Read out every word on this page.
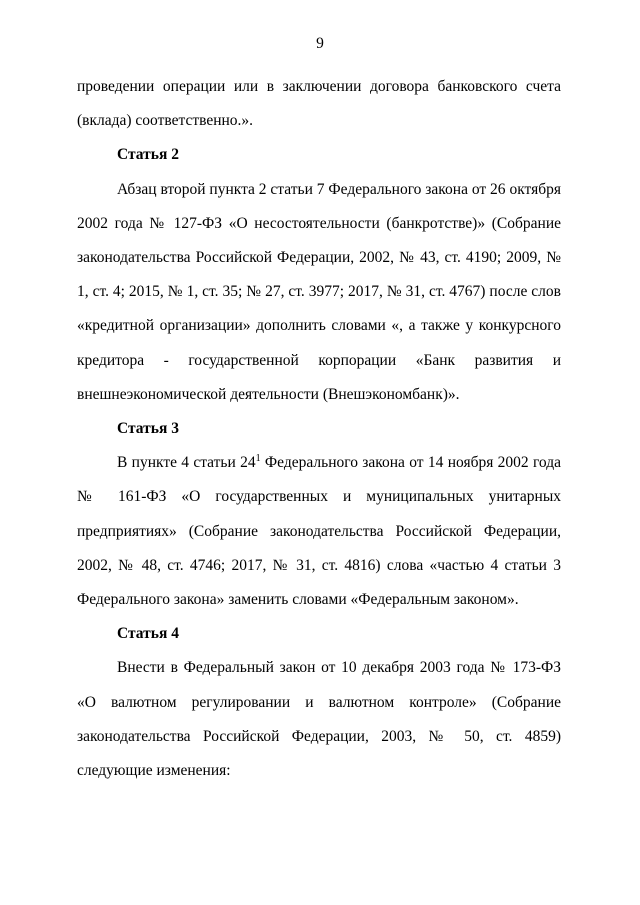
9

проведении операции или в заключении договора банковского счета (вклада) соответственно.».

Статья 2

Абзац второй пункта 2 статьи 7 Федерального закона от 26 октября 2002 года № 127-ФЗ «О несостоятельности (банкротстве)» (Собрание законодательства Российской Федерации, 2002, № 43, ст. 4190; 2009, № 1, ст. 4; 2015, № 1, ст. 35; № 27, ст. 3977; 2017, № 31, ст. 4767) после слов «кредитной организации» дополнить словами «, а также у конкурсного кредитора - государственной корпорации «Банк развития и внешнеэкономической деятельности (Внешэкономбанк)».

Статья 3

В пункте 4 статьи $24^1$ Федерального закона от 14 ноября 2002 года № 161-ФЗ «О государственных и муниципальных унитарных предприятиях» (Собрание законодательства Российской Федерации, 2002, № 48, ст. 4746; 2017, № 31, ст. 4816) слова «частью 4 статьи 3 Федерального закона» заменить словами «Федеральным законом».

Статья 4

Внести в Федеральный закон от 10 декабря 2003 года № 173-ФЗ «О валютном регулировании и валютном контроле» (Собрание законодательства Российской Федерации, 2003, № 50, ст. 4859) следующие изменения:
